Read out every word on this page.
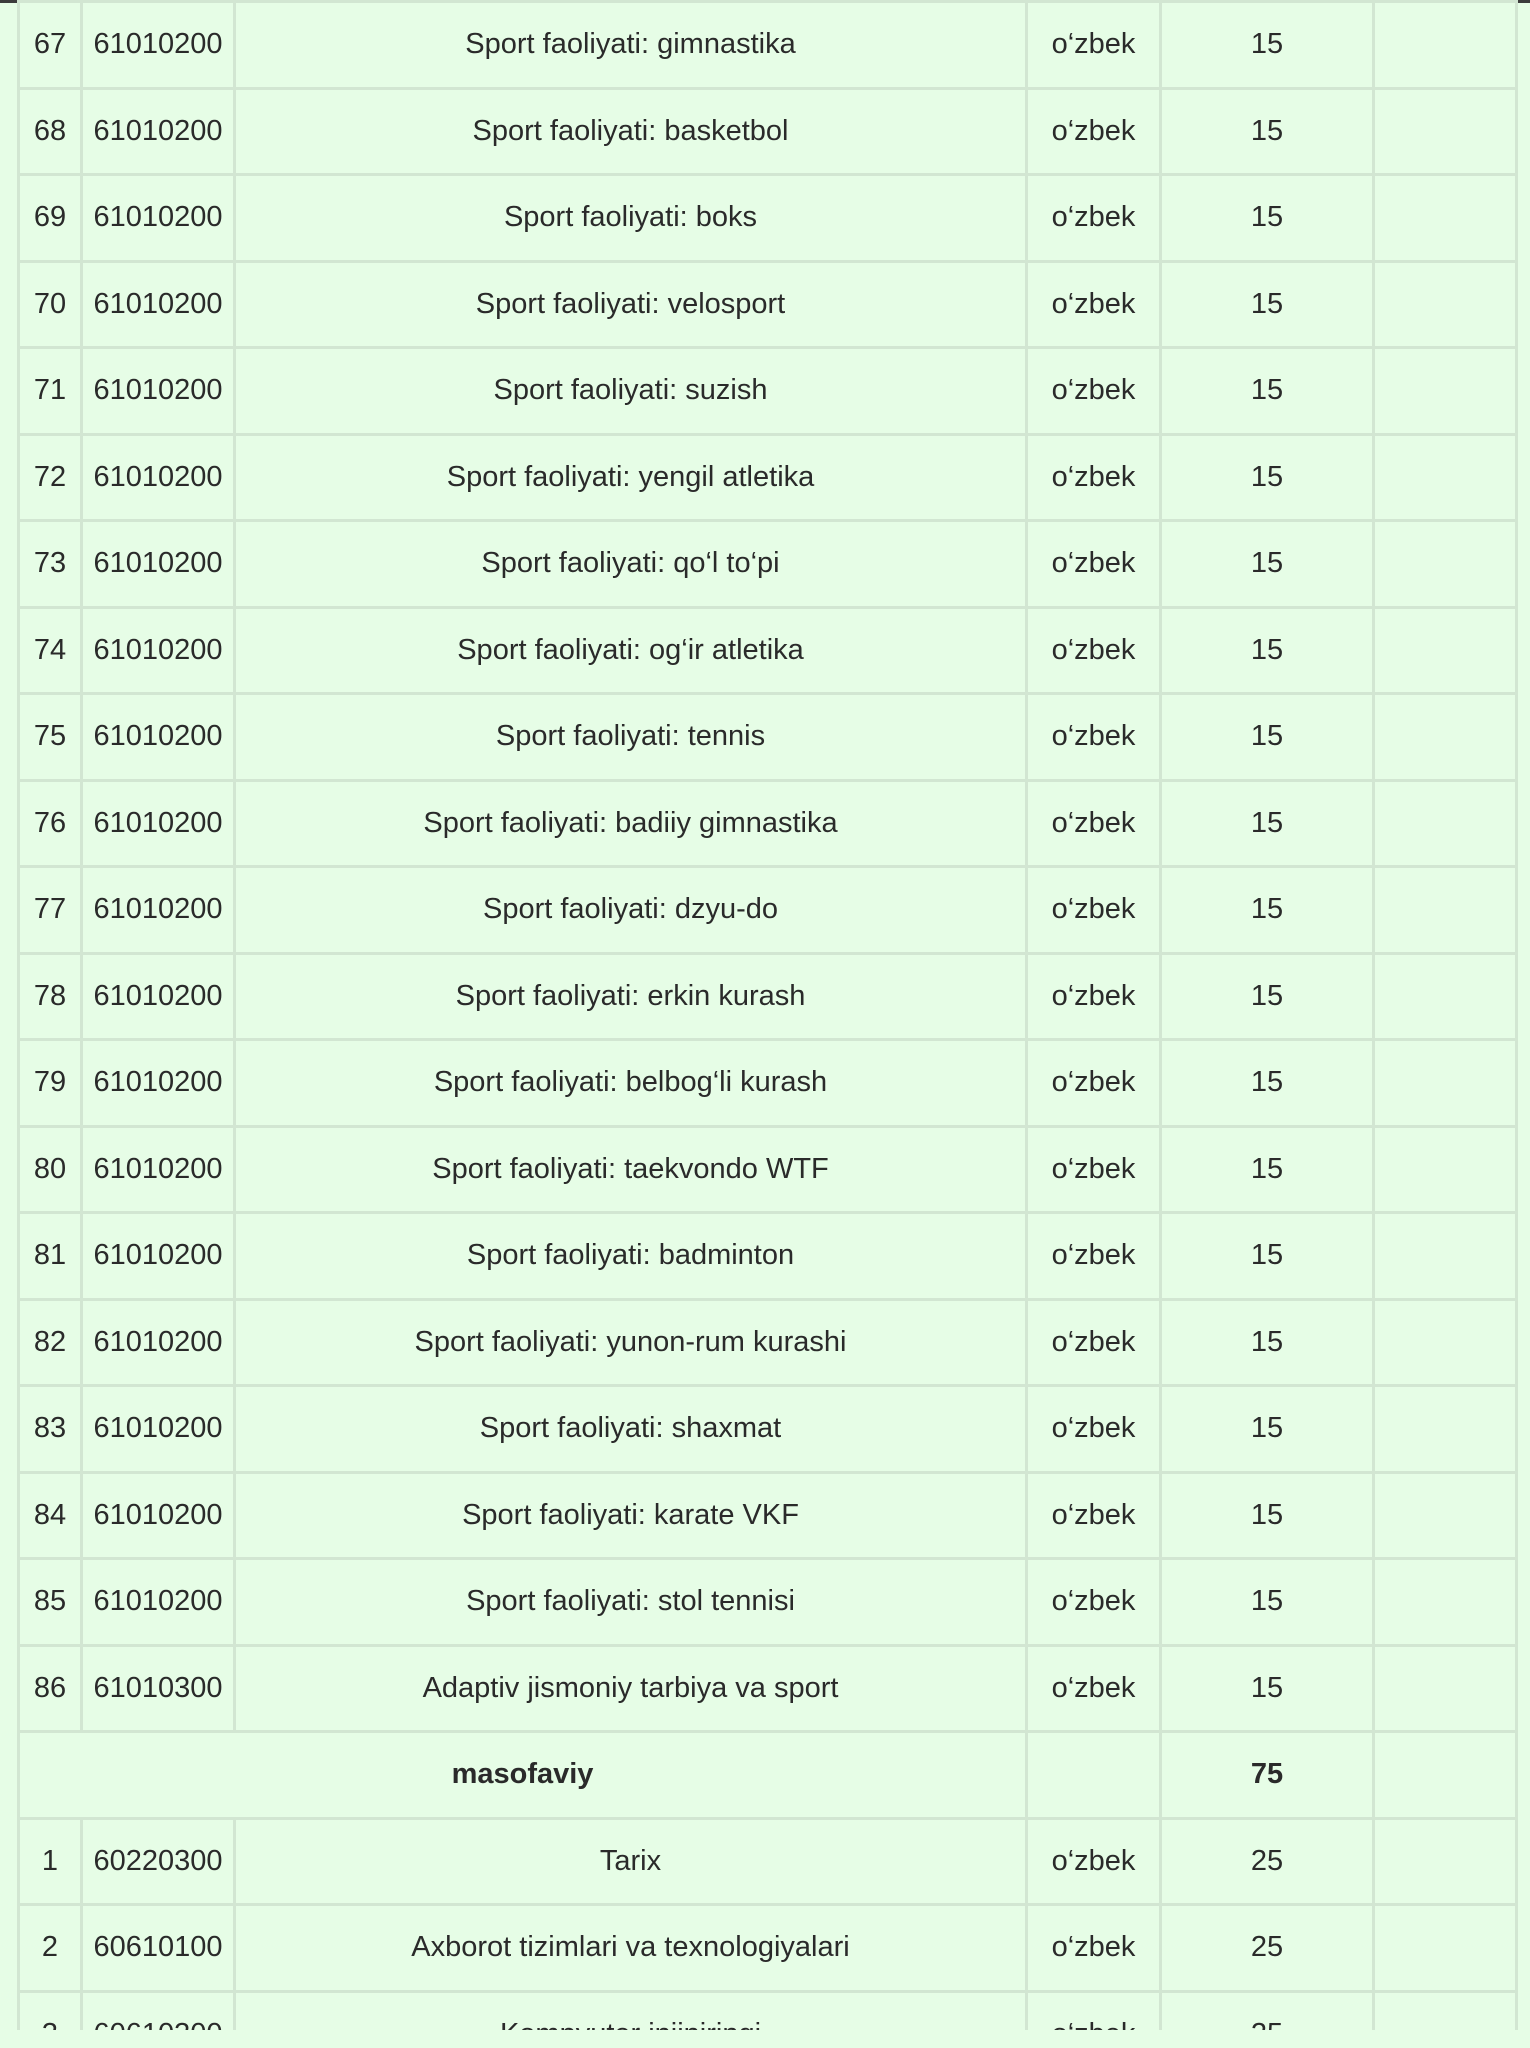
67	61010200	Sport faoliyati: gimnastika	o‘zbek	15	
68	61010200	Sport faoliyati: basketbol	o‘zbek	15	
69	61010200	Sport faoliyati: boks	o‘zbek	15	
70	61010200	Sport faoliyati: velosport	o‘zbek	15	
71	61010200	Sport faoliyati: suzish	o‘zbek	15	
72	61010200	Sport faoliyati: yengil atletika	o‘zbek	15	
73	61010200	Sport faoliyati: qo‘l to‘pi	o‘zbek	15	
74	61010200	Sport faoliyati: og‘ir atletika	o‘zbek	15	
75	61010200	Sport faoliyati: tennis	o‘zbek	15	
76	61010200	Sport faoliyati: badiiy gimnastika	o‘zbek	15	
77	61010200	Sport faoliyati: dzyu-do	o‘zbek	15	
78	61010200	Sport faoliyati: erkin kurash	o‘zbek	15	
79	61010200	Sport faoliyati: belbog‘li kurash	o‘zbek	15	
80	61010200	Sport faoliyati: taekvondo WTF	o‘zbek	15	
81	61010200	Sport faoliyati: badminton	o‘zbek	15	
82	61010200	Sport faoliyati: yunon-rum kurashi	o‘zbek	15	
83	61010200	Sport faoliyati: shaxmat	o‘zbek	15	
84	61010200	Sport faoliyati: karate VKF	o‘zbek	15	
85	61010200	Sport faoliyati: stol tennisi	o‘zbek	15	
86	61010300	Adaptiv jismoniy tarbiya va sport	o‘zbek	15	
masofaviy				75	
1	60220300	Tarix	o‘zbek	25	
2	60610100	Axborot tizimlari va texnologiyalari	o‘zbek	25	
